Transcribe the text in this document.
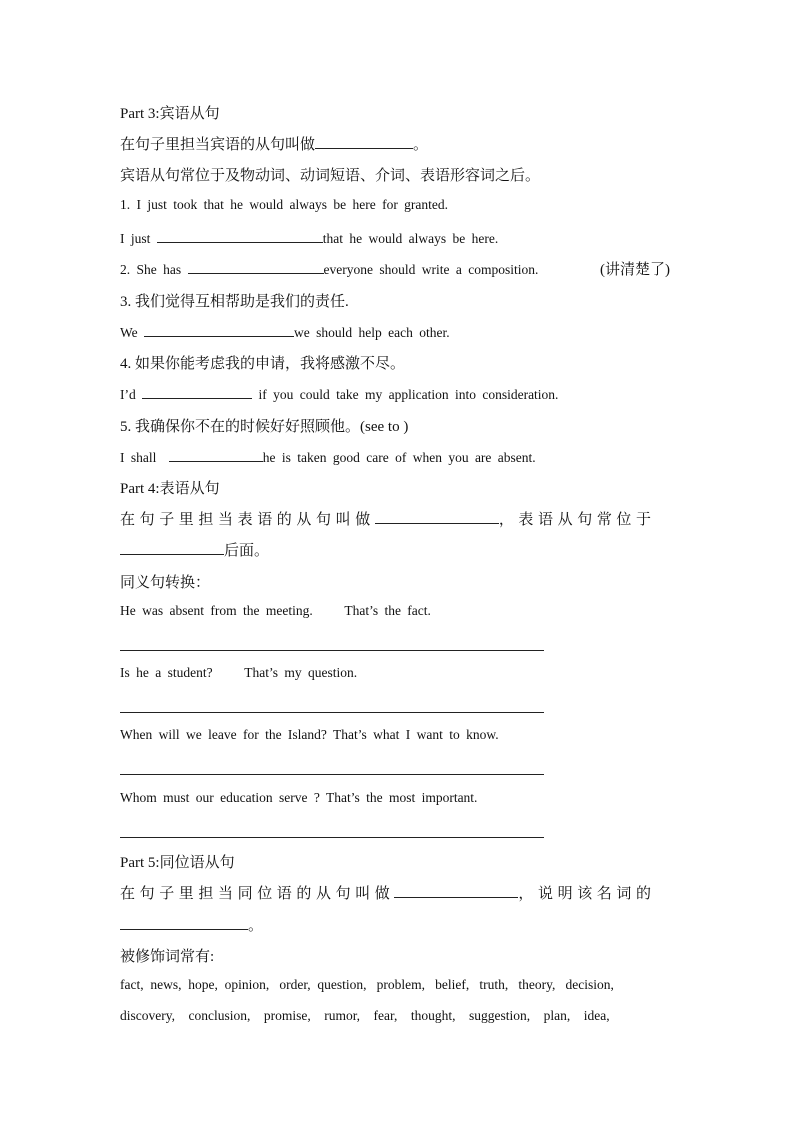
Part 3:宾语从句
在句子里担当宾语的从句叫做	。
宾语从句常位于及物动词、动词短语、介词、表语形容词之后。
1. I just took that he would always be here for granted.
I just	that he would always be here.
2. She has	everyone should write a composition.	(讲清楚了)
3. 我们觉得互相帮助是我们的责任.
We	we should help each other.
4. 如果你能考虑我的申请，我将感激不尽。
I’d	if you could take my application into consideration.
5. 我确保你不在的时候好好照顾他。(see to )
I shall	he is taken good care of when you are absent.
Part 4:表语从句
在句子里担当表语的从句叫做	，表语从句常位于
后面。
同义句转换：
He was absent from the meeting.     That’s the fact.
Is he a student?     That’s my question.
When will we leave for the Island? That’s what I want to know.
Whom must our education serve ? That’s the most important.
Part 5:同位语从句
在句子里担当同位语的从句叫做	，说明该名词的
。
被修饰词常有:
fact,  news,  hope,  opinion,   order,  question,   problem,   belief,   truth,   theory,   decision,
discovery,    conclusion,    promise,    rumor,    fear,    thought,    suggestion,    plan,    idea,
